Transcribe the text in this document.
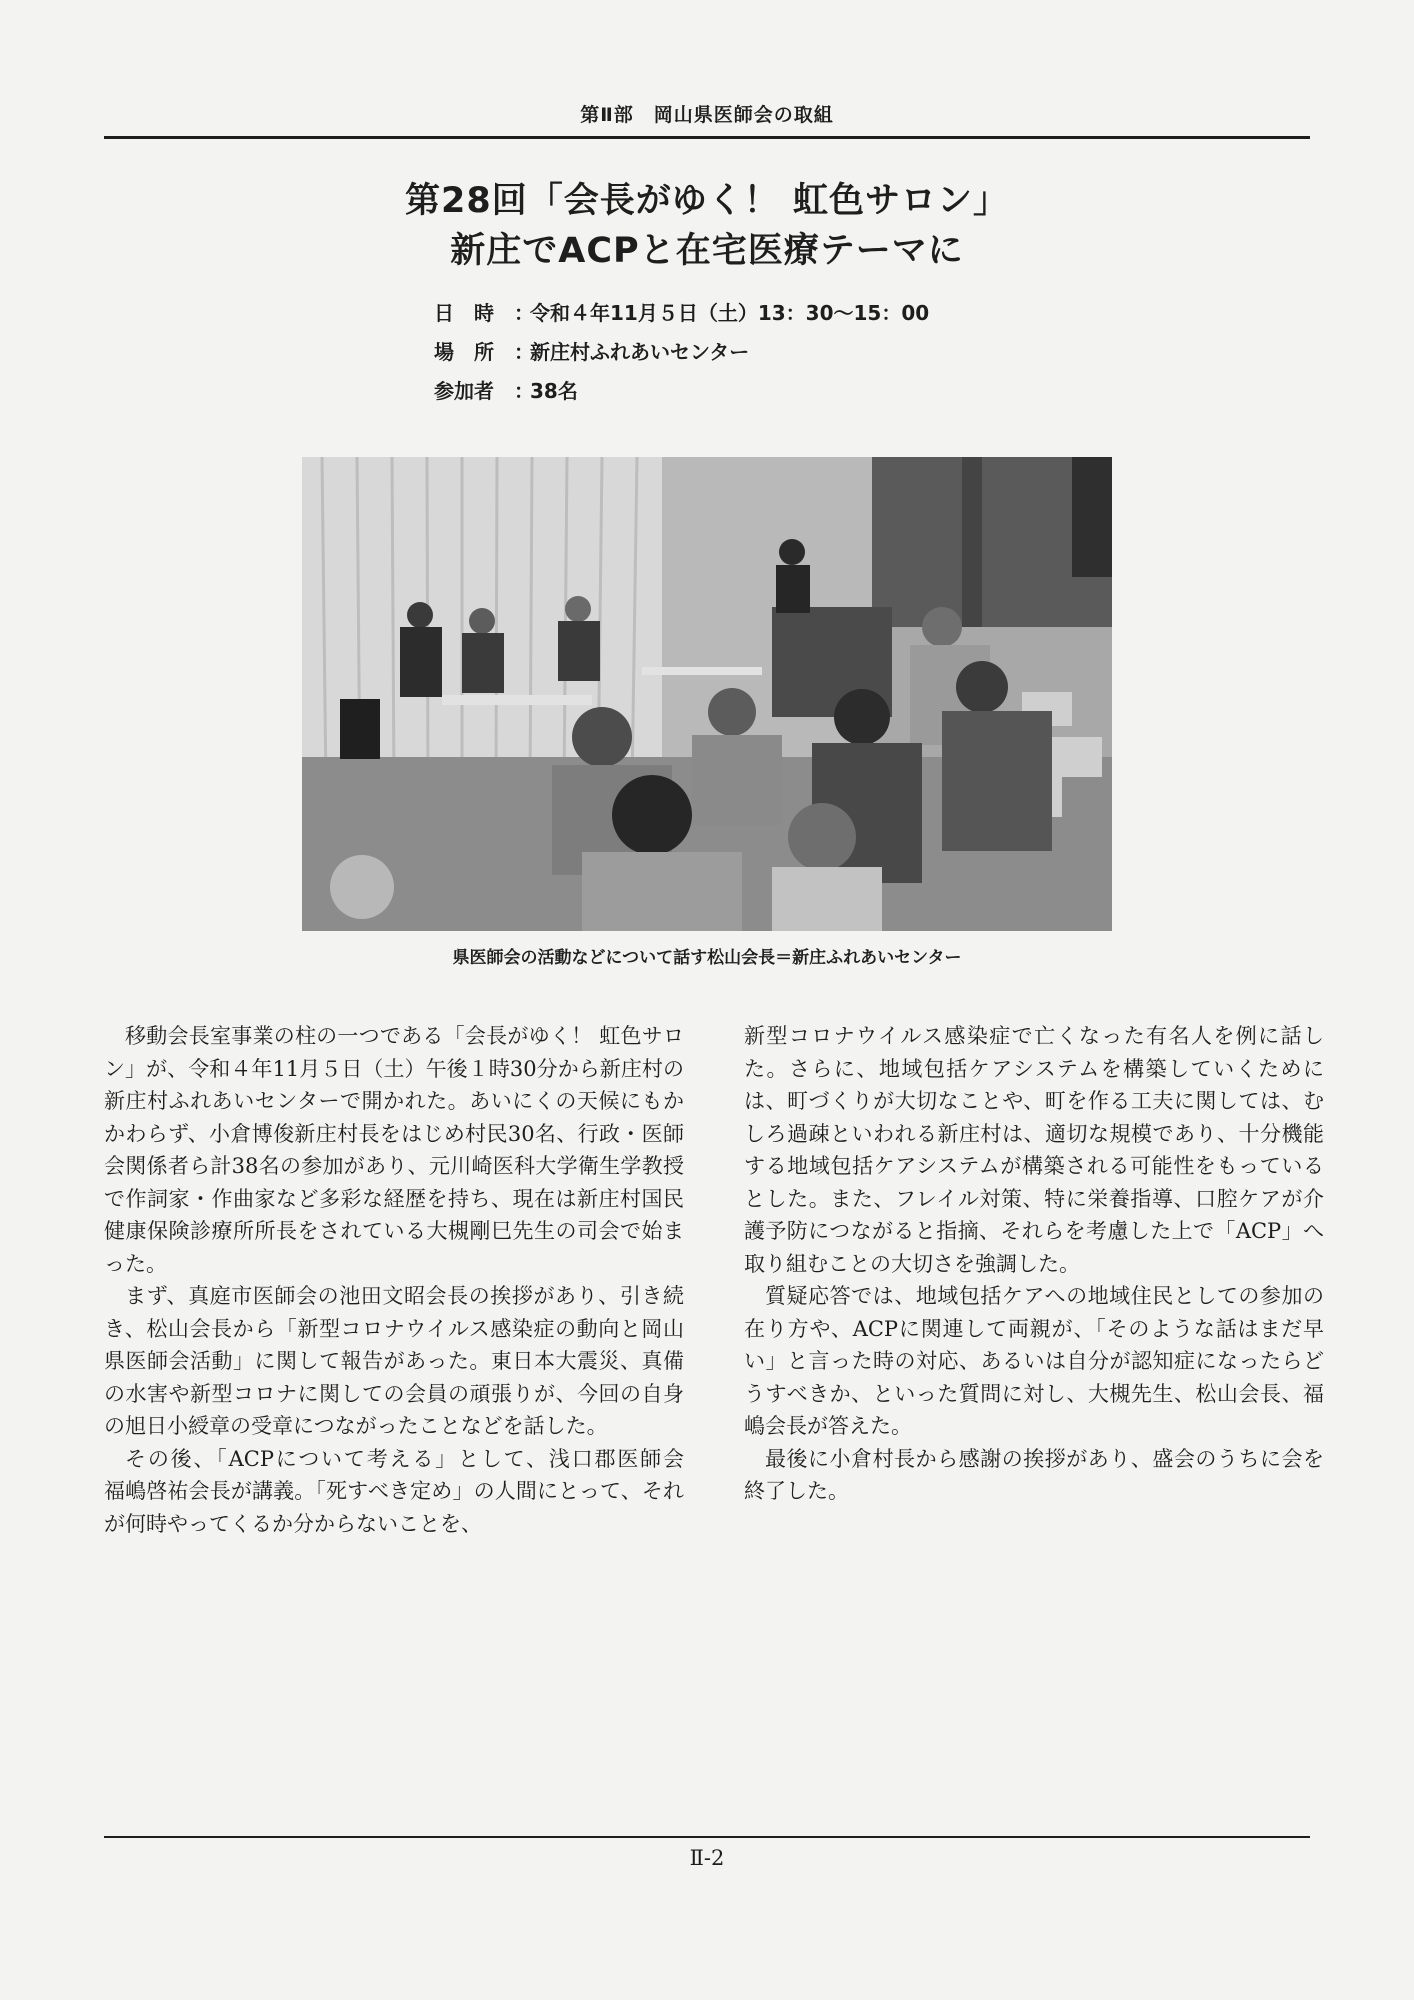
第Ⅱ部　岡山県医師会の取組
第28回「会長がゆく！ 虹色サロン」
新庄でACPと在宅医療テーマに
日　時	：
令和４年11月５日（土）13：30〜15：00
場　所	：
新庄村ふれあいセンター
参加者	：
38名
県医師会の活動などについて話す松山会長＝新庄ふれあいセンター

移動会長室事業の柱の一つである「会長がゆく！ 虹色サロン」が、令和４年11月５日（土）午後１時30分から新庄村の新庄村ふれあいセンターで開かれた。あいにくの天候にもかかわらず、小倉博俊新庄村長をはじめ村民30名、行政・医師会関係者ら計38名の参加があり、元川崎医科大学衛生学教授で作詞家・作曲家など多彩な経歴を持ち、現在は新庄村国民健康保険診療所所長をされている大槻剛巳先生の司会で始まった。

まず、真庭市医師会の池田文昭会長の挨拶があり、引き続き、松山会長から「新型コロナウイルス感染症の動向と岡山県医師会活動」に関して報告があった。東日本大震災、真備の水害や新型コロナに関しての会員の頑張りが、今回の自身の旭日小綬章の受章につながったことなどを話した。

その後、「ACPについて考える」として、浅口郡医師会　福嶋啓祐会長が講義。「死すべき定め」の人間にとって、それが何時やってくるか分からないことを、

新型コロナウイルス感染症で亡くなった有名人を例に話した。さらに、地域包括ケアシステムを構築していくためには、町づくりが大切なことや、町を作る工夫に関しては、むしろ過疎といわれる新庄村は、適切な規模であり、十分機能する地域包括ケアシステムが構築される可能性をもっているとした。また、フレイル対策、特に栄養指導、口腔ケアが介護予防につながると指摘、それらを考慮した上で「ACP」へ取り組むことの大切さを強調した。

質疑応答では、地域包括ケアへの地域住民としての参加の在り方や、ACPに関連して両親が、「そのような話はまだ早い」と言った時の対応、あるいは自分が認知症になったらどうすべきか、といった質問に対し、大槻先生、松山会長、福嶋会長が答えた。

最後に小倉村長から感謝の挨拶があり、盛会のうちに会を終了した。

Ⅱ-2
